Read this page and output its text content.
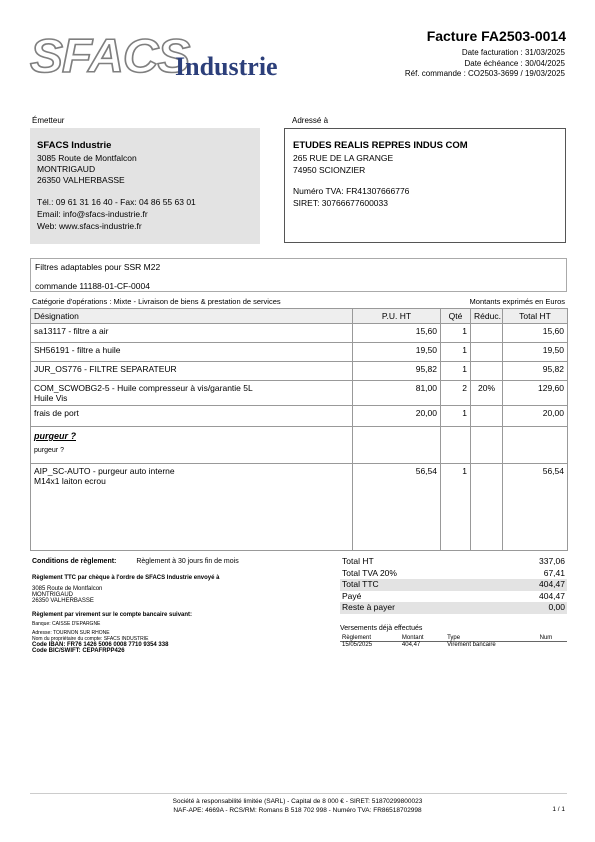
SFACS
Industrie
Facture FA2503-0014
Date facturation : 31/03/2025
Date échéance : 30/04/2025
Réf. commande : CO2503-3699 / 19/03/2025
Émetteur
SFACS Industrie
3085 Route de Montfalcon
MONTRIGAUD
26350 VALHERBASSE
Tél.: 09 61 31 16 40 - Fax: 04 86 55 63 01
Email: info@sfacs-industrie.fr
Web: www.sfacs-industrie.fr
Adressé à
ETUDES REALIS REPRES INDUS COM
265 RUE DE LA GRANGE
74950 SCIONZIER
Numéro TVA: FR41307666776
SIRET: 30766677600033
Filtres adaptables pour SSR M22
commande 11188-01-CF-0004
Catégorie d'opérations : Mixte - Livraison de biens & prestation de services	Montants exprimés en Euros
Désignation	P.U. HT	Qté	Réduc.	Total HT
sa13117 - filtre a air	15,60	1		15,60
SH56191 - filtre a huile	19,50	1		19,50
JUR_OS776 - FILTRE SEPARATEUR	95,82	1		95,82

COM_SCWOBG2-5 - Huile compresseur à vis/garantie 5L
Huile Vis	81,00	2	20%	129,60
frais de port	20,00	1		20,00

purgeur ?
purgeur ?				

AIP_SC-AUTO - purgeur auto interne
M14x1 laiton ecrou	56,54	1		56,54
Conditions de règlement:	Règlement à 30 jours fin de mois
Règlement TTC par chèque à l'ordre de SFACS Industrie envoyé à
3085 Route de Montfalcon
MONTRIGAUD
26350 VALHERBASSE
Règlement par virement sur le compte bancaire suivant:
Banque: CAISSE D'EPARGNE
Adresse: TOURNON SUR RHONE
Nom du propriétaire du compte: SFACS INDUSTRIE
Code IBAN: FR76 1426 5006 0008 7710 9354 338
Code BIC/SWIFT: CEPAFRPP426
Total HT	337,06
Total TVA 20%	67,41
Total TTC	404,47
Payé	404,47
Reste à payer	0,00
Versements déjà effectués
Règlement	Montant	Type	Num
15/05/2025	404,47	Virement bancaire	
Société à responsabilité limitée (SARL) - Capital de 8 000 € - SIRET: 51870299800023
NAF-APE: 4669A - RCS/RM: Romans B 518 702 998 - Numéro TVA: FR86518702998	1 / 1
